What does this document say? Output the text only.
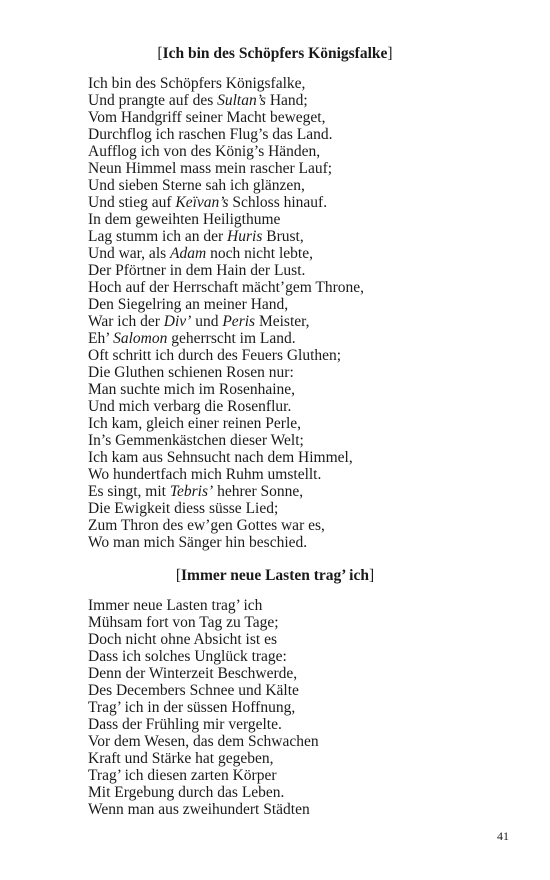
[Ich bin des Schöpfers Königsfalke]
Ich bin des Schöpfers Königsfalke,
Und prangte auf des Sultan’s Hand;
Vom Handgriff seiner Macht beweget,
Durchflog ich raschen Flug’s das Land.
Aufflog ich von des König’s Händen,
Neun Himmel mass mein rascher Lauf;
Und sieben Sterne sah ich glänzen,
Und stieg auf Keïvan’s Schloss hinauf.
In dem geweihten Heiligthume
Lag stumm ich an der Huris Brust,
Und war, als Adam noch nicht lebte,
Der Pförtner in dem Hain der Lust.
Hoch auf der Herrschaft mächt’gem Throne,
Den Siegelring an meiner Hand,
War ich der Div’ und Peris Meister,
Eh’ Salomon geherrscht im Land.
Oft schritt ich durch des Feuers Gluthen;
Die Gluthen schienen Rosen nur:
Man suchte mich im Rosenhaine,
Und mich verbarg die Rosenflur.
Ich kam, gleich einer reinen Perle,
In’s Gemmenkästchen dieser Welt;
Ich kam aus Sehnsucht nach dem Himmel,
Wo hundertfach mich Ruhm umstellt.
Es singt, mit Tebris’ hehrer Sonne,
Die Ewigkeit diess süsse Lied;
Zum Thron des ew’gen Gottes war es,
Wo man mich Sänger hin beschied.
[Immer neue Lasten trag’ ich]
Immer neue Lasten trag’ ich
Mühsam fort von Tag zu Tage;
Doch nicht ohne Absicht ist es
Dass ich solches Unglück trage:
Denn der Winterzeit Beschwerde,
Des Decembers Schnee und Kälte
Trag’ ich in der süssen Hoffnung,
Dass der Frühling mir vergelte.
Vor dem Wesen, das dem Schwachen
Kraft und Stärke hat gegeben,
Trag’ ich diesen zarten Körper
Mit Ergebung durch das Leben.
Wenn man aus zweihundert Städten
41
